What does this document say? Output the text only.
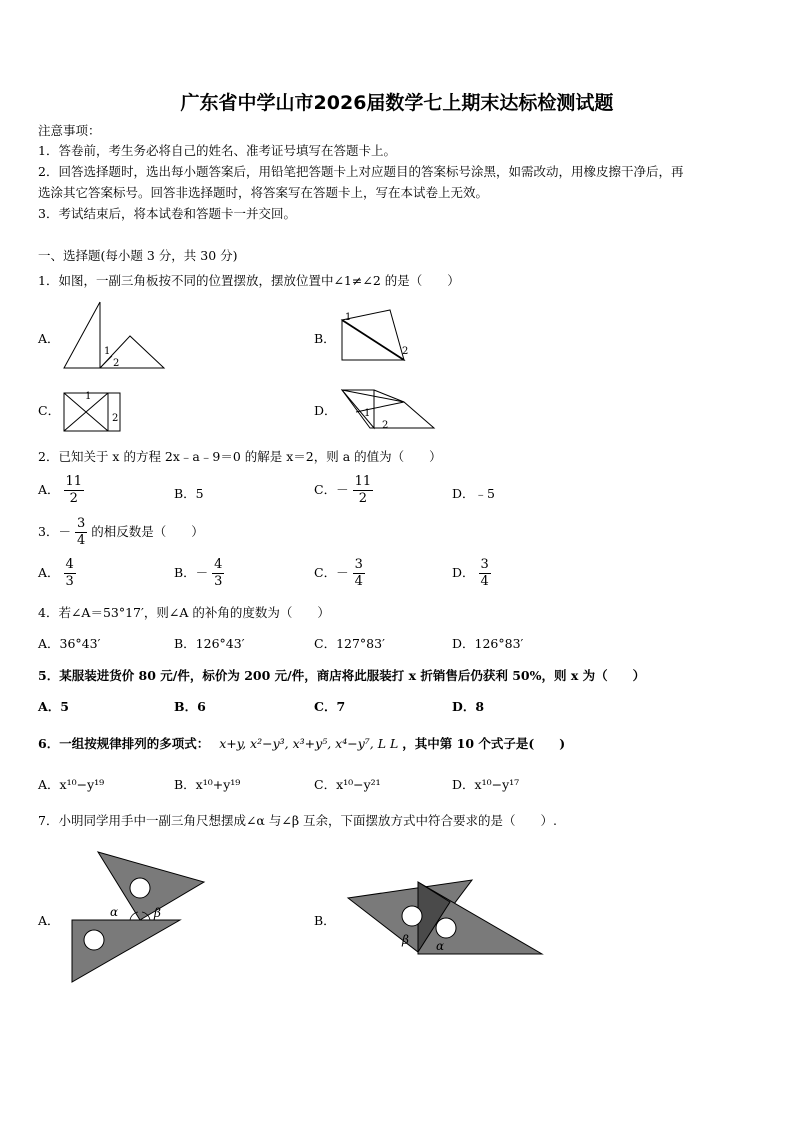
广东省中学山市2026届数学七上期末达标检测试题
注意事项：
1．答卷前，考生务必将自己的姓名、准考证号填写在答题卡上。
2．回答选择题时，选出每小题答案后，用铅笔把答题卡上对应题目的答案标号涂黑，如需改动，用橡皮擦干净后，再
选涂其它答案标号。回答非选择题时，将答案写在答题卡上，写在本试卷上无效。
3．考试结束后，将本试卷和答题卡一并交回。
一、选择题(每小题 3 分，共 30 分)
1．如图，一副三角板按不同的位置摆放，摆放位置中∠1≠∠2 的是（　　）
A．
1
2
B．
1
2
C．
1
2
D．	1
2
2．已知关于 x 的方程 2x﹣a﹣9＝0 的解是 x＝2，则 a 的值为（　　）
A． $\frac{11}{2}$	B．5	C．－ $\frac{11}{2}$	D．﹣5
3．－ $\frac{3}{4}$ 的相反数是（　　）
A． $\frac{4}{3}$	B．－ $\frac{4}{3}$	C．－ $\frac{3}{4}$	D． $\frac{3}{4}$
4．若∠A＝53°17′，则∠A 的补角的度数为（　　）
A．36°43′	B．126°43′	C．127°83′	D．126°83′
5．某服装进货价 80 元/件，标价为 200 元/件，商店将此服装打 x 折销售后仍获利 50%，则 x 为（　　）
A．5	B．6	C．7	D．8
6．一组按规律排列的多项式： x+y, x²−y³, x³+y⁵, x⁴−y⁷, L L ，其中第 10 个式子是(　　)
A．x¹⁰−y¹⁹	B．x¹⁰+y¹⁹	C．x¹⁰−y²¹	D．x¹⁰−y¹⁷
7．小明同学用手中一副三角尺想摆成∠α 与∠β 互余，下面摆放方式中符合要求的是（　　）.
A．
α	β	B．
β α
